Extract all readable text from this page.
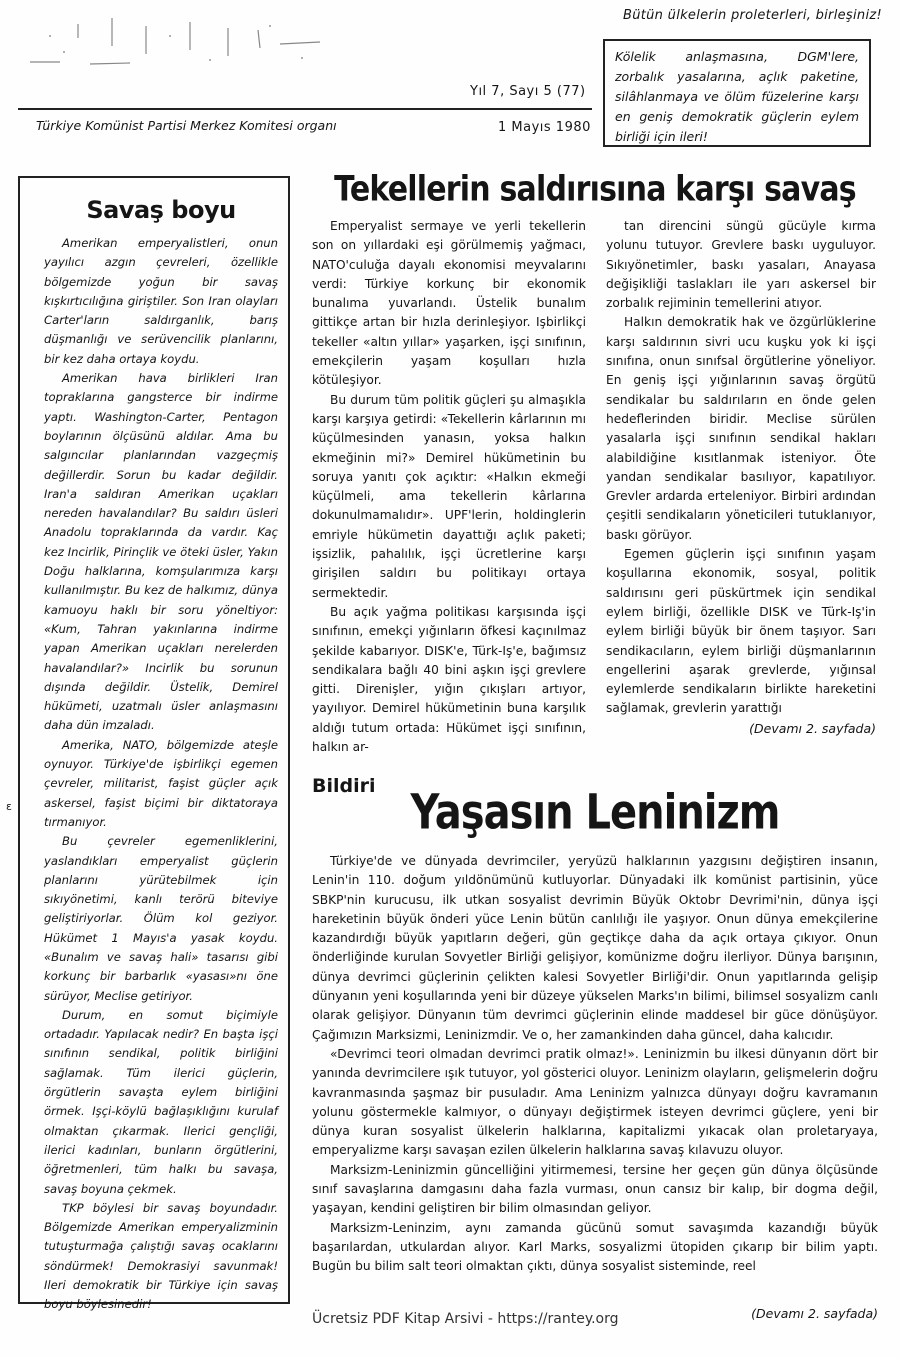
Bütün ülkelerin proleterleri, birleşiniz!
Yıl 7, Sayı 5 (77)
Türkiye Komünist Partisi Merkez Komitesi organı	1 Mayıs 1980
Kölelik anlaşmasına, DGM'lere, zorbalık yasalarına, açlık paketine, silâhlanmaya ve ölüm füzelerine karşı en geniş demokratik güçlerin eylem birliği için ileri!
Savaş boyu

Amerikan emperyalistleri, onun yayılıcı azgın çevreleri, özellikle bölgemizde yoğun bir savaş kışkırtıcılığına giriştiler. Son Iran olayları Carter'ların saldırganlık, barış düşmanlığı ve serüvencilik planlarını, bir kez daha ortaya koydu.

Amerikan hava birlikleri Iran topraklarına gangsterce bir indirme yaptı. Washington-Carter, Pentagon boylarının ölçüsünü aldılar. Ama bu salgıncılar planlarından vazgeçmiş değillerdir. Sorun bu kadar değildir. Iran'a saldıran Amerikan uçakları nereden havalandılar? Bu saldırı üsleri Anadolu topraklarında da vardır. Kaç kez Incirlik, Pirinçlik ve öteki üsler, Yakın Doğu halklarına, komşularımıza karşı kullanılmıştır. Bu kez de halkımız, dünya kamuoyu haklı bir soru yöneltiyor: «Kum, Tahran yakınlarına indirme yapan Amerikan uçakları nerelerden havalandılar?» Incirlik bu sorunun dışında değildir. Üstelik, Demirel hükümeti, uzatmalı üsler anlaşmasını daha dün imzaladı.

Amerika, NATO, bölgemizde ateşle oynuyor. Türkiye'de işbirlikçi egemen çevreler, militarist, faşist güçler açık askersel, faşist biçimi bir diktatoraya tırmanıyor.

Bu çevreler egemenliklerini, yaslandıkları emperyalist güçlerin planlarını yürütebilmek için sıkıyönetimi, kanlı terörü biteviye geliştiriyorlar. Ölüm kol geziyor. Hükümet 1 Mayıs'a yasak koydu. «Bunalım ve savaş hali» tasarısı gibi korkunç bir barbarlık «yasası»nı öne sürüyor, Meclise getiriyor.

Durum, en somut biçimiyle ortadadır. Yapılacak nedir? En başta işçi sınıfının sendikal, politik birliğini sağlamak. Tüm ilerici güçlerin, örgütlerin savaşta eylem birliğini örmek. Işçi-köylü bağlaşıklığını kurulaf olmaktan çıkarmak. Ilerici gençliği, ilerici kadınları, bunların örgütlerini, öğretmenleri, tüm halkı bu savaşa, savaş boyuna çekmek.

TKP böylesi bir savaş boyundadır. Bölgemizde Amerikan emperyalizminin tutuşturmağa çalıştığı savaş ocaklarını söndürmek! Demokrasiyi savunmak! Ileri demokratik bir Türkiye için savaş boyu böylesinedir!

ɛ
Tekellerin saldırısına karşı savaş

Emperyalist sermaye ve yerli tekellerin son on yıllardaki eşi görülmemiş yağmacı, NATO'culuğa dayalı ekonomisi meyvalarını verdi: Türkiye korkunç bir ekonomik bunalıma yuvarlandı. Üstelik bunalım gittikçe artan bir hızla derinleşiyor. Işbirlikçi tekeller «altın yıllar» yaşarken, işçi sınıfının, emekçilerin yaşam koşulları hızla kötüleşiyor.

Bu durum tüm politik güçleri şu almaşıkla karşı karşıya getirdi: «Tekellerin kârlarının mı küçülmesinden yanasın, yoksa halkın ekmeğinin mi?» Demirel hükümetinin bu soruya yanıtı çok açıktır: «Halkın ekmeği küçülmeli, ama tekellerin kârlarına dokunulmamalıdır». UPF'lerin, holdinglerin emriyle hükümetin dayattığı açlık paketi; işsizlik, pahalılık, işçi ücretlerine karşı girişilen saldırı bu politikayı ortaya sermektedir.

Bu açık yağma politikası karşısında işçi sınıfının, emekçi yığınların öfkesi kaçınılmaz şekilde kabarıyor. DISK'e, Türk-Iş'e, bağımsız sendikalara bağlı 40 bini aşkın işçi grevlere gitti. Direnişler, yığın çıkışları artıyor, yayılıyor. Demirel hükümetinin buna karşılık aldığı tutum ortada: Hükümet işçi sınıfının, halkın ar-

tan direncini süngü gücüyle kırma yolunu tutuyor. Grevlere baskı uyguluyor. Sıkıyönetimler, baskı yasaları, Anayasa değişikliği taslakları ile yarı askersel bir zorbalık rejiminin temellerini atıyor.

Halkın demokratik hak ve özgürlüklerine karşı saldırının sivri ucu kuşku yok ki işçi sınıfına, onun sınıfsal örgütlerine yöneliyor. En geniş işçi yığınlarının savaş örgütü sendikalar bu saldırıların en önde gelen hedeflerinden biridir. Meclise sürülen yasalarla işçi sınıfının sendikal hakları alabildiğine kısıtlanmak isteniyor. Öte yandan sendikalar basılıyor, kapatılıyor. Grevler ardarda erteleniyor. Birbiri ardından çeşitli sendikaların yöneticileri tutuklanıyor, baskı görüyor.

Egemen güçlerin işçi sınıfının yaşam koşullarına ekonomik, sosyal, politik saldırısını geri püskürtmek için sendikal eylem birliği, özellikle DISK ve Türk-Iş'in eylem birliği büyük bir önem taşıyor. Sarı sendikacıların, eylem birliği düşmanlarının engellerini aşarak grevlerde, yığınsal eylemlerde sendikaların birlikte hareketini sağlamak, grevlerin yarattığı

(Devamı 2. sayfada)
Bildiri Yaşasın Leninizm

Türkiye'de ve dünyada devrimciler, yeryüzü halklarının yazgısını değiştiren insanın, Lenin'in 110. doğum yıldönümünü kutluyorlar. Dünyadaki ilk komünist partisinin, yüce SBKP'nin kurucusu, ilk utkan sosyalist devrimin Büyük Oktobr Devrimi'nin, dünya işçi hareketinin büyük önderi yüce Lenin bütün canlılığı ile yaşıyor. Onun dünya emekçilerine kazandırdığı büyük yapıtların değeri, gün geçtikçe daha da açık ortaya çıkıyor. Onun önderliğinde kurulan Sovyetler Birliği gelişiyor, komünizme doğru ilerliyor. Dünya barışının, dünya devrimci güçlerinin çelikten kalesi Sovyetler Birliği'dir. Onun yapıtlarında gelişip dünyanın yeni koşullarında yeni bir düzeye yükselen Marks'ın bilimi, bilimsel sosyalizm canlı olarak gelişiyor. Dünyanın tüm devrimci güçlerinin elinde maddesel bir güce dönüşüyor. Çağımızın Marksizmi, Leninizmdir. Ve o, her zamankinden daha güncel, daha kalıcıdır.

«Devrimci teori olmadan devrimci pratik olmaz!». Leninizmin bu ilkesi dünyanın dört bir yanında devrimcilere ışık tutuyor, yol gösterici oluyor. Leninizm olayların, gelişmelerin doğru kavranmasında şaşmaz bir pusuladır. Ama Leninizm yalnızca dünyayı doğru kavramanın yolunu göstermekle kalmıyor, o dünyayı değiştirmek isteyen devrimci güçlere, yeni bir dünya kuran sosyalist ülkelerin halklarına, kapitalizmi yıkacak olan proletaryaya, emperyalizme karşı savaşan ezilen ülkelerin halklarına savaş kılavuzu oluyor.

Marksizm-Leninizmin güncelliğini yitirmemesi, tersine her geçen gün dünya ölçüsünde sınıf savaşlarına damgasını daha fazla vurması, onun cansız bir kalıp, bir dogma değil, yaşayan, kendini geliştiren bir bilim olmasından geliyor.

Marksizm-Leninzim, aynı zamanda gücünü somut savaşımda kazandığı büyük başarılardan, utkulardan alıyor. Karl Marks, sosyalizmi ütopiden çıkarıp bir bilim yaptı. Bugün bu bilim salt teori olmaktan çıktı, dünya sosyalist sisteminde, reel

(Devamı 2. sayfada)
Ücretsiz PDF Kitap Arsivi - https://rantey.org
